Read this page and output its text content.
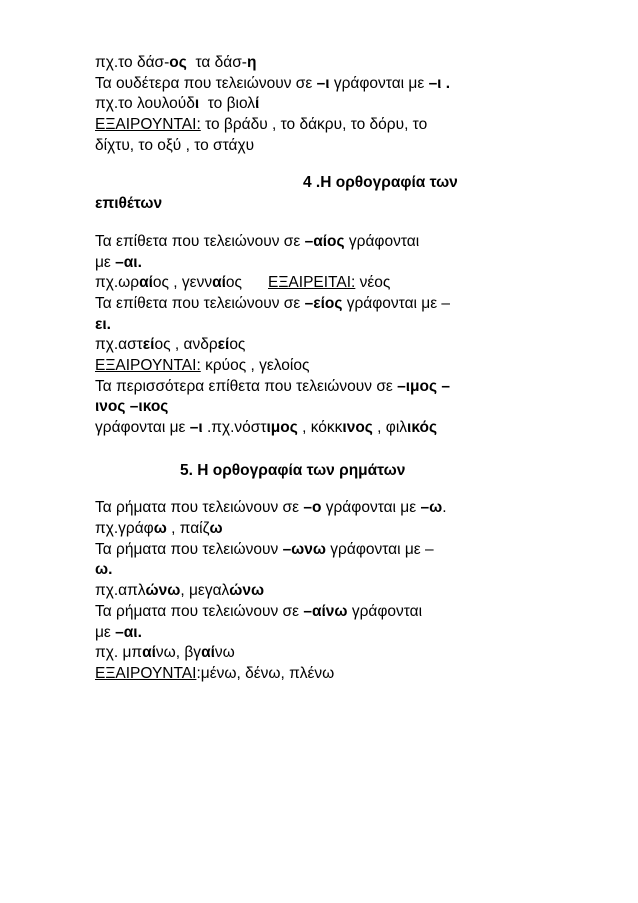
πχ.το δάσ-ος  τα δάσ-η
Τα ουδέτερα που τελειώνουν σε –ι γράφονται με –ι .
πχ.το λουλούδι  το βιολί
ΕΞΑΙΡΟΥΝΤΑΙ: το βράδυ , το δάκρυ, το δόρυ, το
δίχτυ, το οξύ , το στάχυ
4 .Η ορθογραφία των
επιθέτων
Τα επίθετα που τελειώνουν σε –αίος γράφονται
με –αι.
πχ.ωραίος , γενναίος ΕΞΑΙΡΕΙΤΑΙ: νέος
Τα επίθετα που τελειώνουν σε –είος γράφονται με –
ει.
πχ.αστείος , ανδρείος
ΕΞΑΙΡΟΥΝΤΑΙ: κρύος , γελοίος
Τα περισσότερα επίθετα που τελειώνουν σε –ιμος –
ινος –ικος
γράφονται με –ι .πχ.νόστιμος , κόκκινος , φιλικός
5. Η ορθογραφία των ρημάτων
Τα ρήματα που τελειώνουν σε –ο γράφονται με –ω.
πχ.γράφω , παίζω
Τα ρήματα που τελειώνουν –ωνω γράφονται με –
ω.
πχ.απλώνω, μεγαλώνω
Τα ρήματα που τελειώνουν σε –αίνω γράφονται
με –αι.
πχ. μπαίνω, βγαίνω
ΕΞΑΙΡΟΥΝΤΑΙ:μένω, δένω, πλένω
